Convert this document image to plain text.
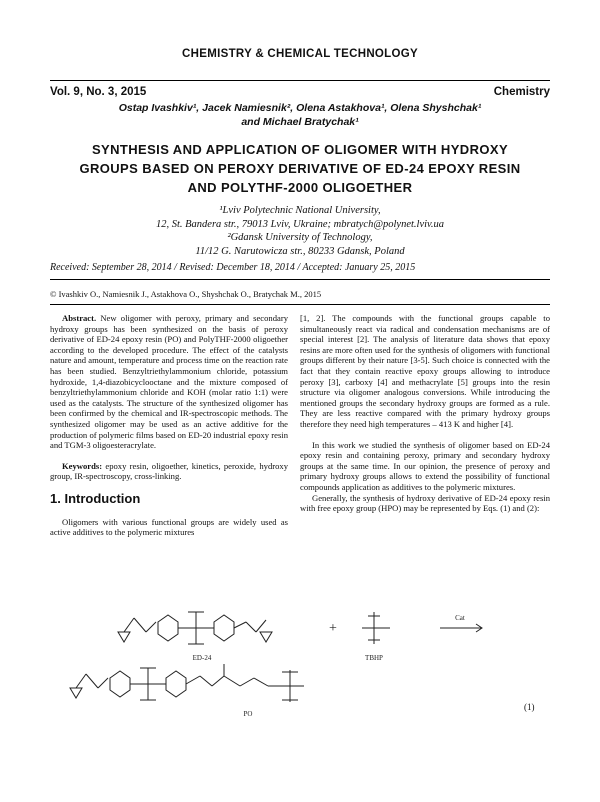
CHEMISTRY & CHEMICAL TECHNOLOGY
Vol. 9, No. 3, 2015	Chemistry
Ostap Ivashkiv¹, Jacek Namiesnik², Olena Astakhova¹, Olena Shyshchak¹
and Michael Bratychak¹
SYNTHESIS AND APPLICATION OF OLIGOMER WITH HYDROXY
GROUPS BASED ON PEROXY DERIVATIVE OF ED-24 EPOXY RESIN
AND POLYTHF-2000 OLIGOETHER
¹Lviv Polytechnic National University,
12, St. Bandera str., 79013 Lviv, Ukraine; mbratych@polynet.lviv.ua
²Gdansk University of Technology,
11/12 G. Narutowicza str., 80233 Gdansk, Poland
Received: September 28, 2014 / Revised: December 18, 2014 / Accepted: January 25, 2015
© Ivashkiv O., Namiesnik J., Astakhova O., Shyshchak O., Bratychak M., 2015

Abstract. New oligomer with peroxy, primary and secondary hydroxy groups has been synthesized on the basis of peroxy derivative of ED-24 epoxy resin (PO) and PolyTHF-2000 oligoether according to the developed procedure. The effect of the catalysts nature and amount, temperature and process time on the reaction rate has been studied. Benzyltriethylammonium chloride, potassium hydroxide, 1,4-diazobicyclooctane and the mixture composed of benzyltriethylammonium chloride and KOH (molar ratio 1:1) were used as the catalysts. The structure of the synthesized oligomer has been confirmed by the chemical and IR-spectroscopic methods. The synthesized oligomer may be used as an active additive for the production of polymeric films based on ED-20 industrial epoxy resin and TGM-3 oligoesteracrylate.

Keywords: epoxy resin, oligoether, kinetics, peroxide, hydroxy group, IR-spectroscopy, cross-linking.

1. Introduction

Oligomers with various functional groups are widely used as active additives to the polymeric mixtures

[1, 2]. The compounds with the functional groups capable to simultaneously react via radical and condensation mechanisms are of special interest [2]. The analysis of literature data shows that epoxy resins are more often used for the synthesis of oligomers with functional groups different by their nature [3-5]. Such choice is connected with the fact that they contain reactive epoxy groups allowing to introduce peroxy [3], carboxy [4] and methacrylate [5] groups into the resin structure via oligomer analogous conversions. While introducing the mentioned groups the secondary hydroxy groups are formed as a rule. They are less reactive compared with the primary hydroxy groups therefore they need high temperatures – 413 K and higher [4].

In this work we studied the synthesis of oligomer based on ED-24 epoxy resin and containing peroxy, primary and secondary hydroxy groups at the same time. In our opinion, the presence of peroxy and primary hydroxy groups allows to extend the possibility of functional compounds application as additives to the polymeric mixtures.

Generally, the synthesis of hydroxy derivative of ED-24 epoxy resin with free epoxy group (HPO) may be represented by Eqs. (1) and (2):

ED-24	TBHP
PO
Cat
+
(1)
